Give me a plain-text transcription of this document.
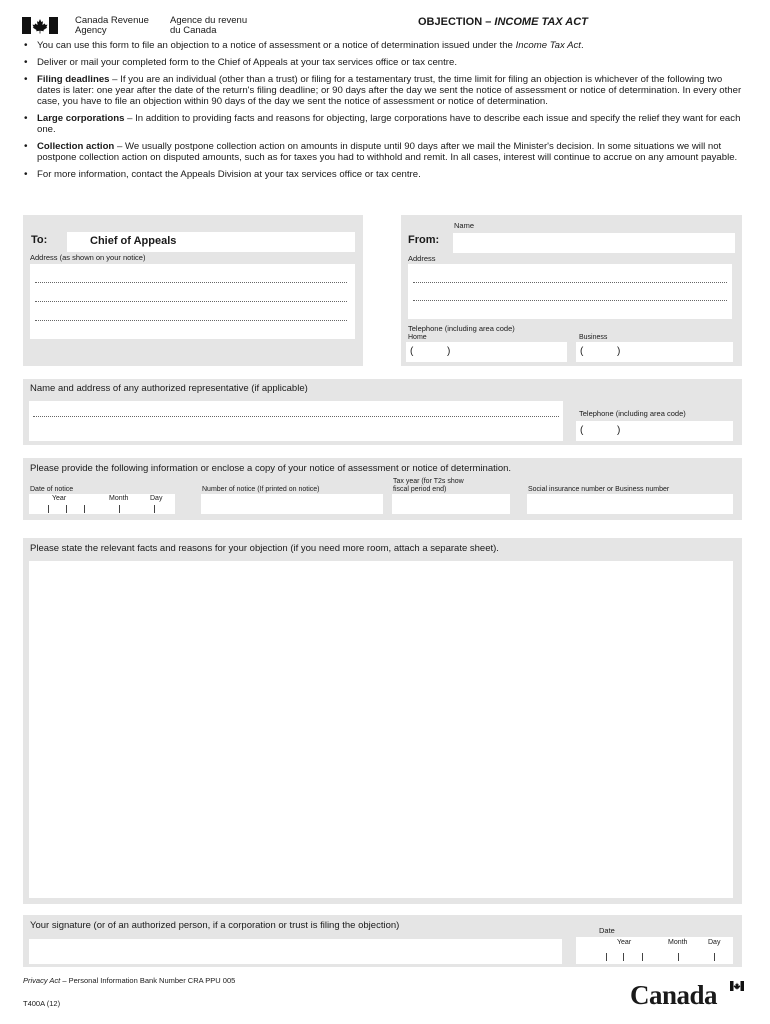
Canada Revenue
Agency
Agence du revenu
du Canada
OBJECTION – INCOME TAX ACT
• You can use this form to file an objection to a notice of assessment or a notice of determination issued under the Income Tax Act.
• Deliver or mail your completed form to the Chief of Appeals at your tax services office or tax centre.
• Filing deadlines – If you are an individual (other than a trust) or filing for a testamentary trust, the time limit for filing an objection is whichever of the following two dates is later: one year after the date of the return's filing deadline; or 90 days after the day we sent the notice of assessment or notice of determination. In every other case, you have to file an objection within 90 days of the day we sent the notice of assessment or notice of determination.
• Large corporations – In addition to providing facts and reasons for objecting, large corporations have to describe each issue and specify the relief they want for each one.
• Collection action – We usually postpone collection action on amounts in dispute until 90 days after we mail the Minister's decision. In some situations we will not postpone collection action on disputed amounts, such as for taxes you had to withhold and remit. In all cases, interest will continue to accrue on any amount payable.
• For more information, contact the Appeals Division at your tax services office or tax centre.
To:	Chief of Appeals
Address (as shown on your notice)
Name
From:
Address
Telephone (including area code)
Home	Business
(	)	(	)
Name and address of any authorized representative (if applicable)
Telephone (including area code)
(	)
Please provide the following information or enclose a copy of your notice of assessment or notice of determination.
Date of notice
Year	Month	Day
Number of notice (If printed on notice)
Tax year (for T2s show
fiscal period end)	Social insurance number or Business number
Please state the relevant facts and reasons for your objection (if you need more room, attach a separate sheet).
Your signature (or of an authorized person, if a corporation or trust is filing the objection)	Date
Year	Month	Day
Privacy Act – Personal Information Bank Number CRA PPU 005
T400A (12)	Canada
